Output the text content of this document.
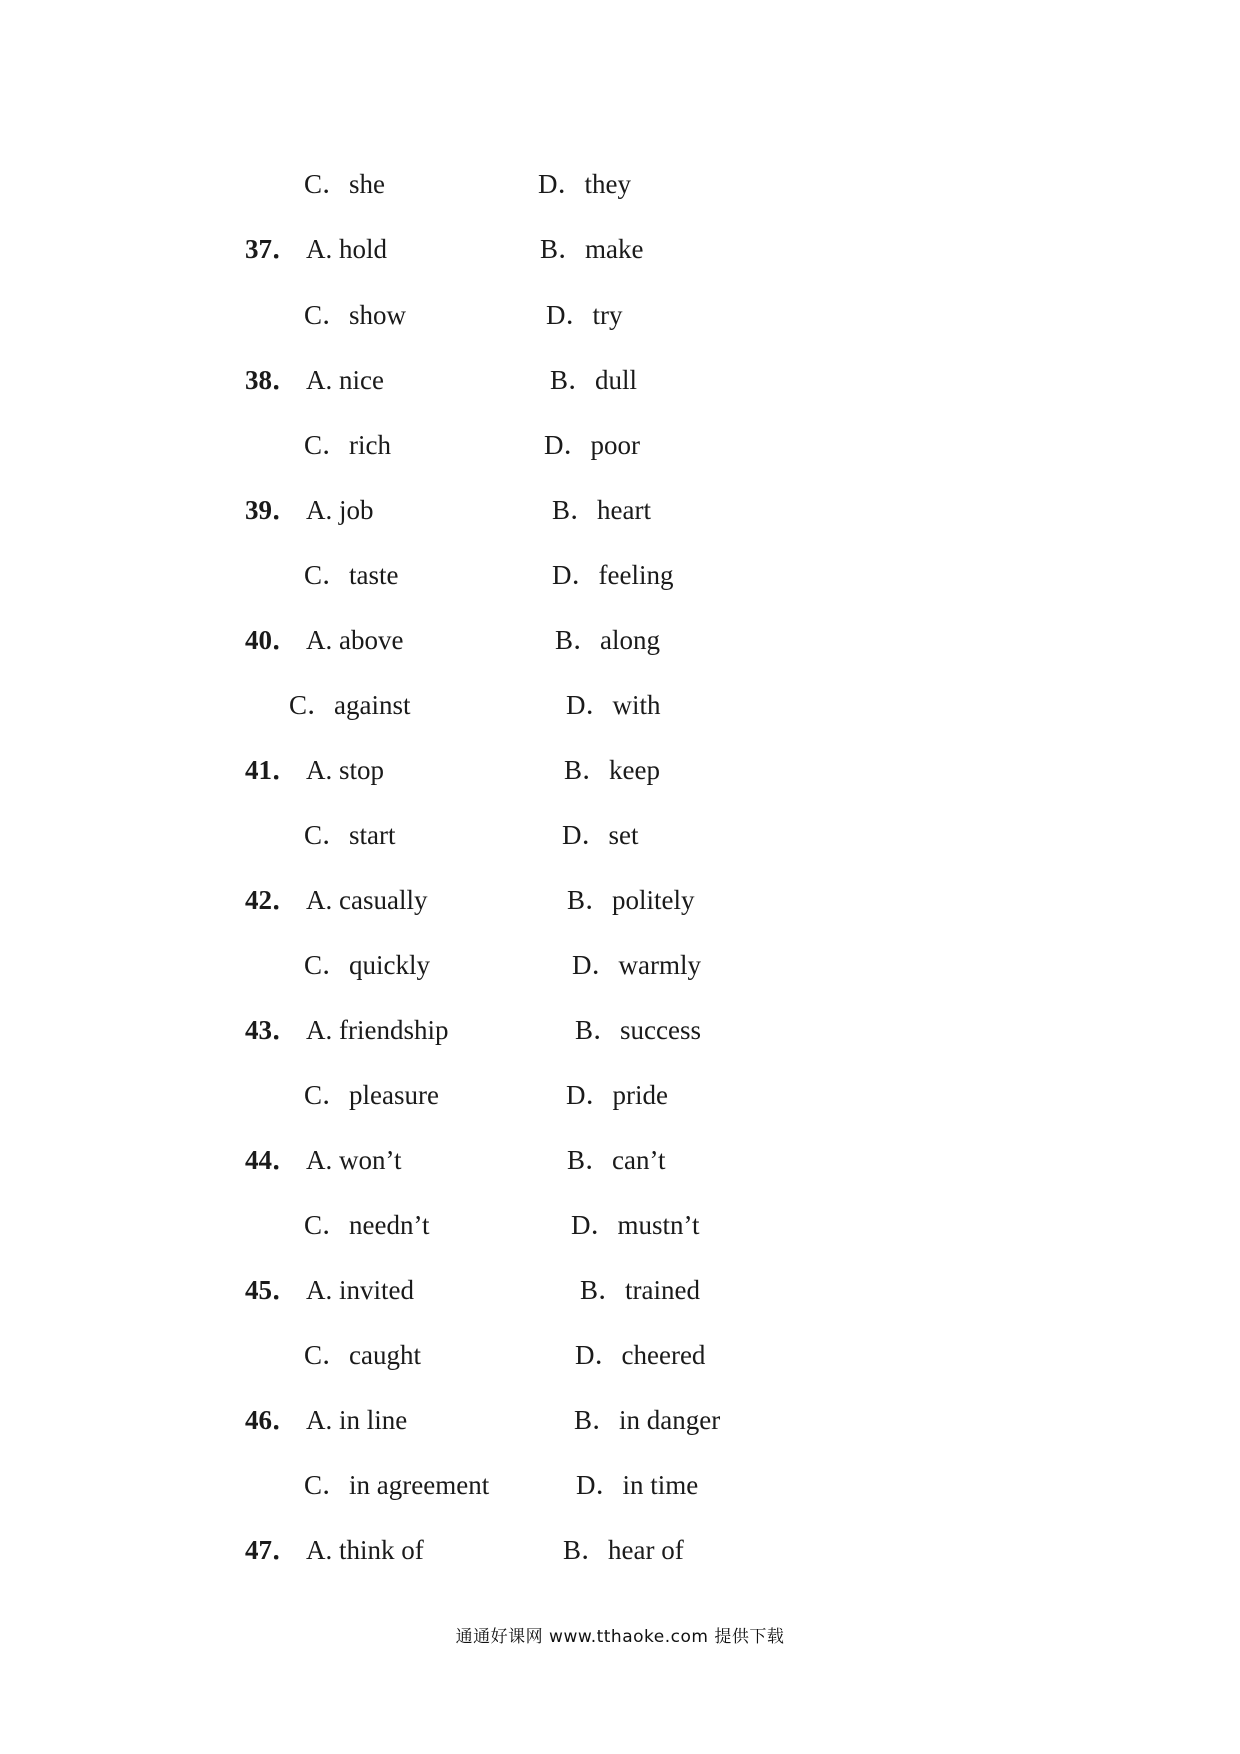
C．she	D．they
37． A. hold	B．make
C．show	D．try
38． A. nice	B．dull
C．rich	D．poor
39． A. job	B．heart
C．taste	D．feeling
40． A. above	B．along
C．against	D．with
41． A. stop	B．keep
C．start	D．set
42． A. casually	B．politely
C．quickly	D．warmly
43． A. friendship	B．success
C．pleasure	D．pride
44． A. won’t	B．can’t
C．needn’t	D．mustn’t
45． A. invited	B．trained
C．caught	D．cheered
46． A. in line	B．in danger
C．in agreement	D．in time
47． A. think of	B．hear of
通通好课网 www.tthaoke.com 提供下载
